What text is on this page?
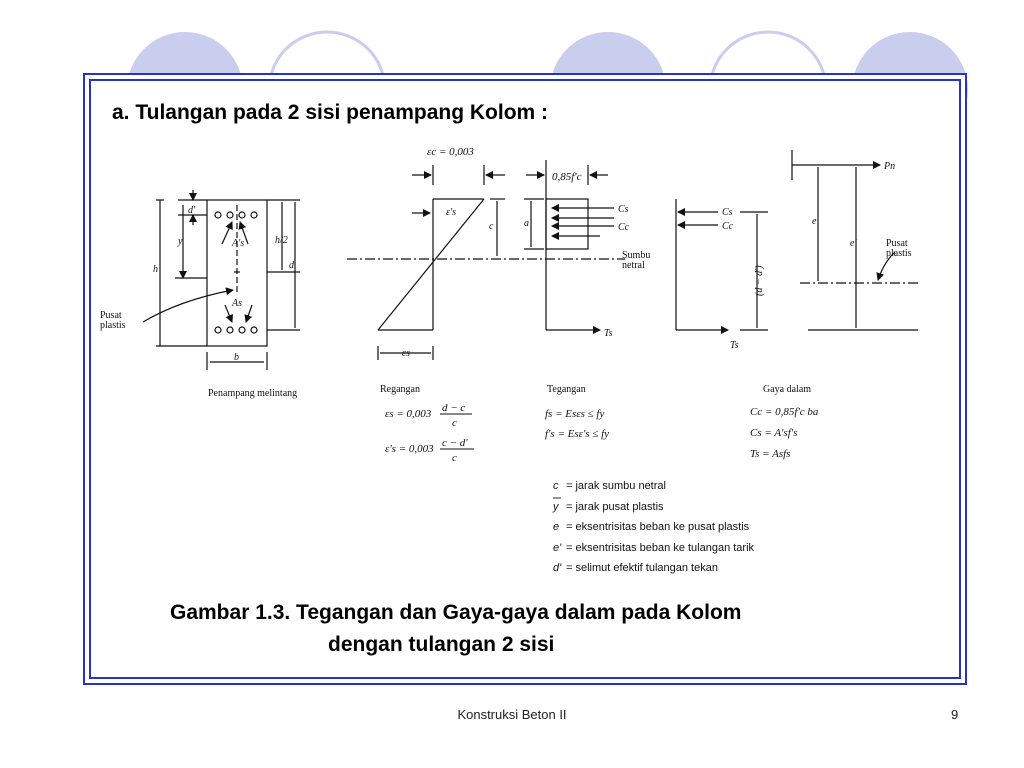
a. Tulangan pada 2 sisi penampang Kolom :
d'
y
h
h/2
d
A's
As
b
Pusat
plastis
Penampang melintang
εc = 0,003
ε's
c
εs
Regangan
εs = 0,003 d − c
c
ε's = 0,003 c − d'
c
0,85f'c
a
Cs
Cc
Sumbu
netral
Ts
Tegangan
fs = Esεs ≤ fy
f's = Esε's ≤ fy
Cs
Cc
(d − d')
Ts
Gaya dalam
Cc = 0,85f'c ba
Cs = A'sf's
Ts = Asfs
Pn
e
e'	Pusat
plastis
c = jarak sumbu netral
y = jarak pusat plastis
e = eksentrisitas beban ke pusat plastis
e' = eksentrisitas beban ke tulangan tarik
d' = selimut efektif tulangan tekan
Gambar 1.3. Tegangan dan Gaya-gaya dalam pada Kolom
dengan tulangan 2 sisi
Konstruksi Beton II	9
